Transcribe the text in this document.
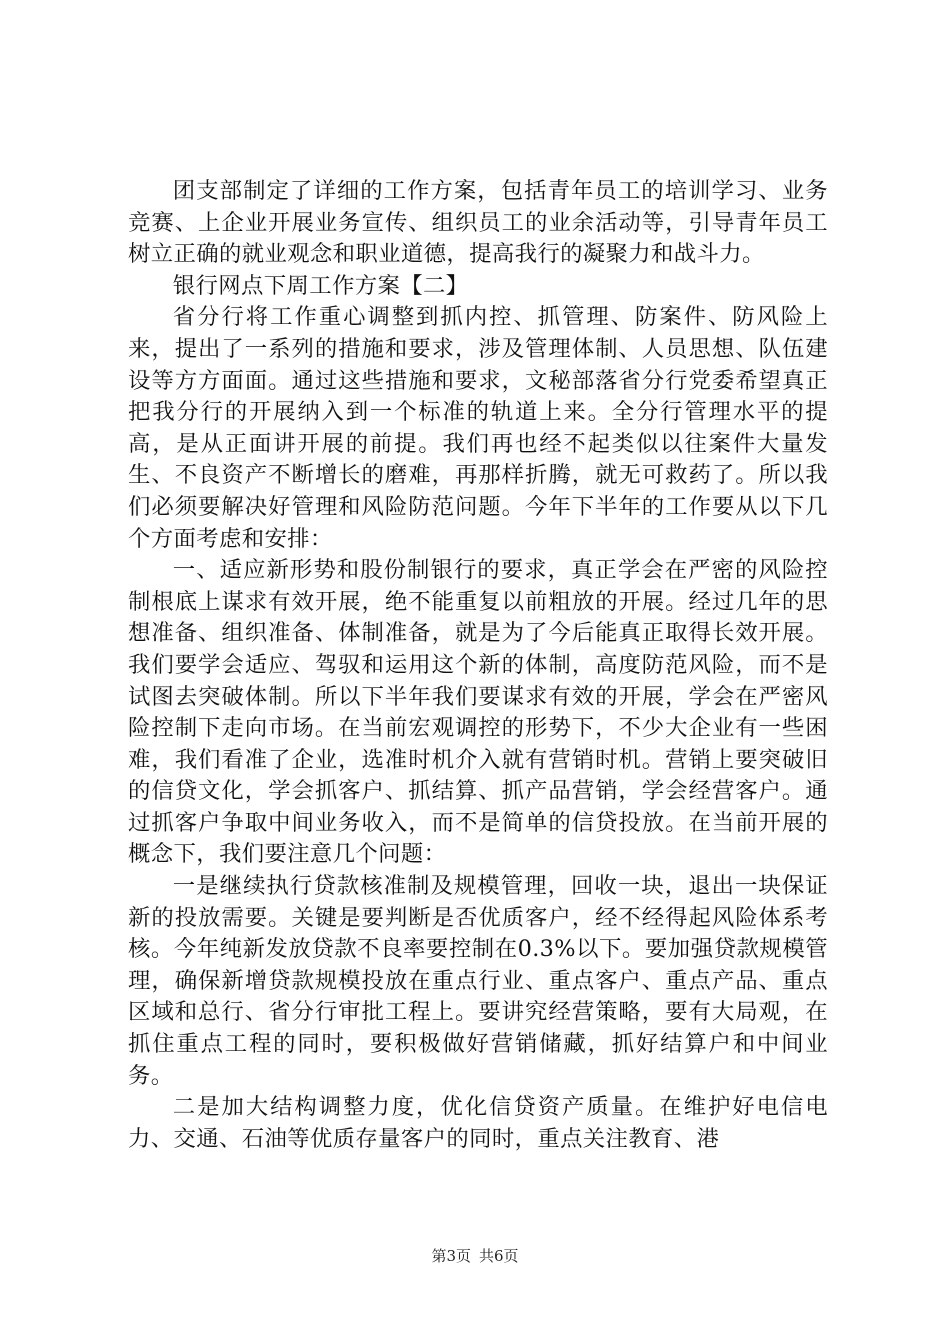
团支部制定了详细的工作方案，包括青年员工的培训学习、业务竞赛、上企业开展业务宣传、组织员工的业余活动等，引导青年员工树立正确的就业观念和职业道德，提高我行的凝聚力和战斗力。

银行网点下周工作方案【二】

省分行将工作重心调整到抓内控、抓管理、防案件、防风险上来，提出了一系列的措施和要求，涉及管理体制、人员思想、队伍建设等方方面面。通过这些措施和要求，文秘部落省分行党委希望真正把我分行的开展纳入到一个标准的轨道上来。全分行管理水平的提高，是从正面讲开展的前提。我们再也经不起类似以往案件大量发生、不良资产不断增长的磨难，再那样折腾，就无可救药了。所以我们必须要解决好管理和风险防范问题。今年下半年的工作要从以下几个方面考虑和安排：

一、适应新形势和股份制银行的要求，真正学会在严密的风险控制根底上谋求有效开展，绝不能重复以前粗放的开展。经过几年的思想准备、组织准备、体制准备，就是为了今后能真正取得长效开展。我们要学会适应、驾驭和运用这个新的体制，高度防范风险，而不是试图去突破体制。所以下半年我们要谋求有效的开展，学会在严密风险控制下走向市场。在当前宏观调控的形势下，不少大企业有一些困难，我们看准了企业，选准时机介入就有营销时机。营销上要突破旧的信贷文化，学会抓客户、抓结算、抓产品营销，学会经营客户。通过抓客户争取中间业务收入，而不是简单的信贷投放。在当前开展的概念下，我们要注意几个问题：

一是继续执行贷款核准制及规模管理，回收一块，退出一块保证新的投放需要。关键是要判断是否优质客户，经不经得起风险体系考核。今年纯新发放贷款不良率要控制在0.3%以下。要加强贷款规模管理，确保新增贷款规模投放在重点行业、重点客户、重点产品、重点区域和总行、省分行审批工程上。要讲究经营策略，要有大局观，在抓住重点工程的同时，要积极做好营销储藏，抓好结算户和中间业务。

二是加大结构调整力度，优化信贷资产质量。在维护好电信电力、交通、石油等优质存量客户的同时，重点关注教育、港

第3页 共6页
